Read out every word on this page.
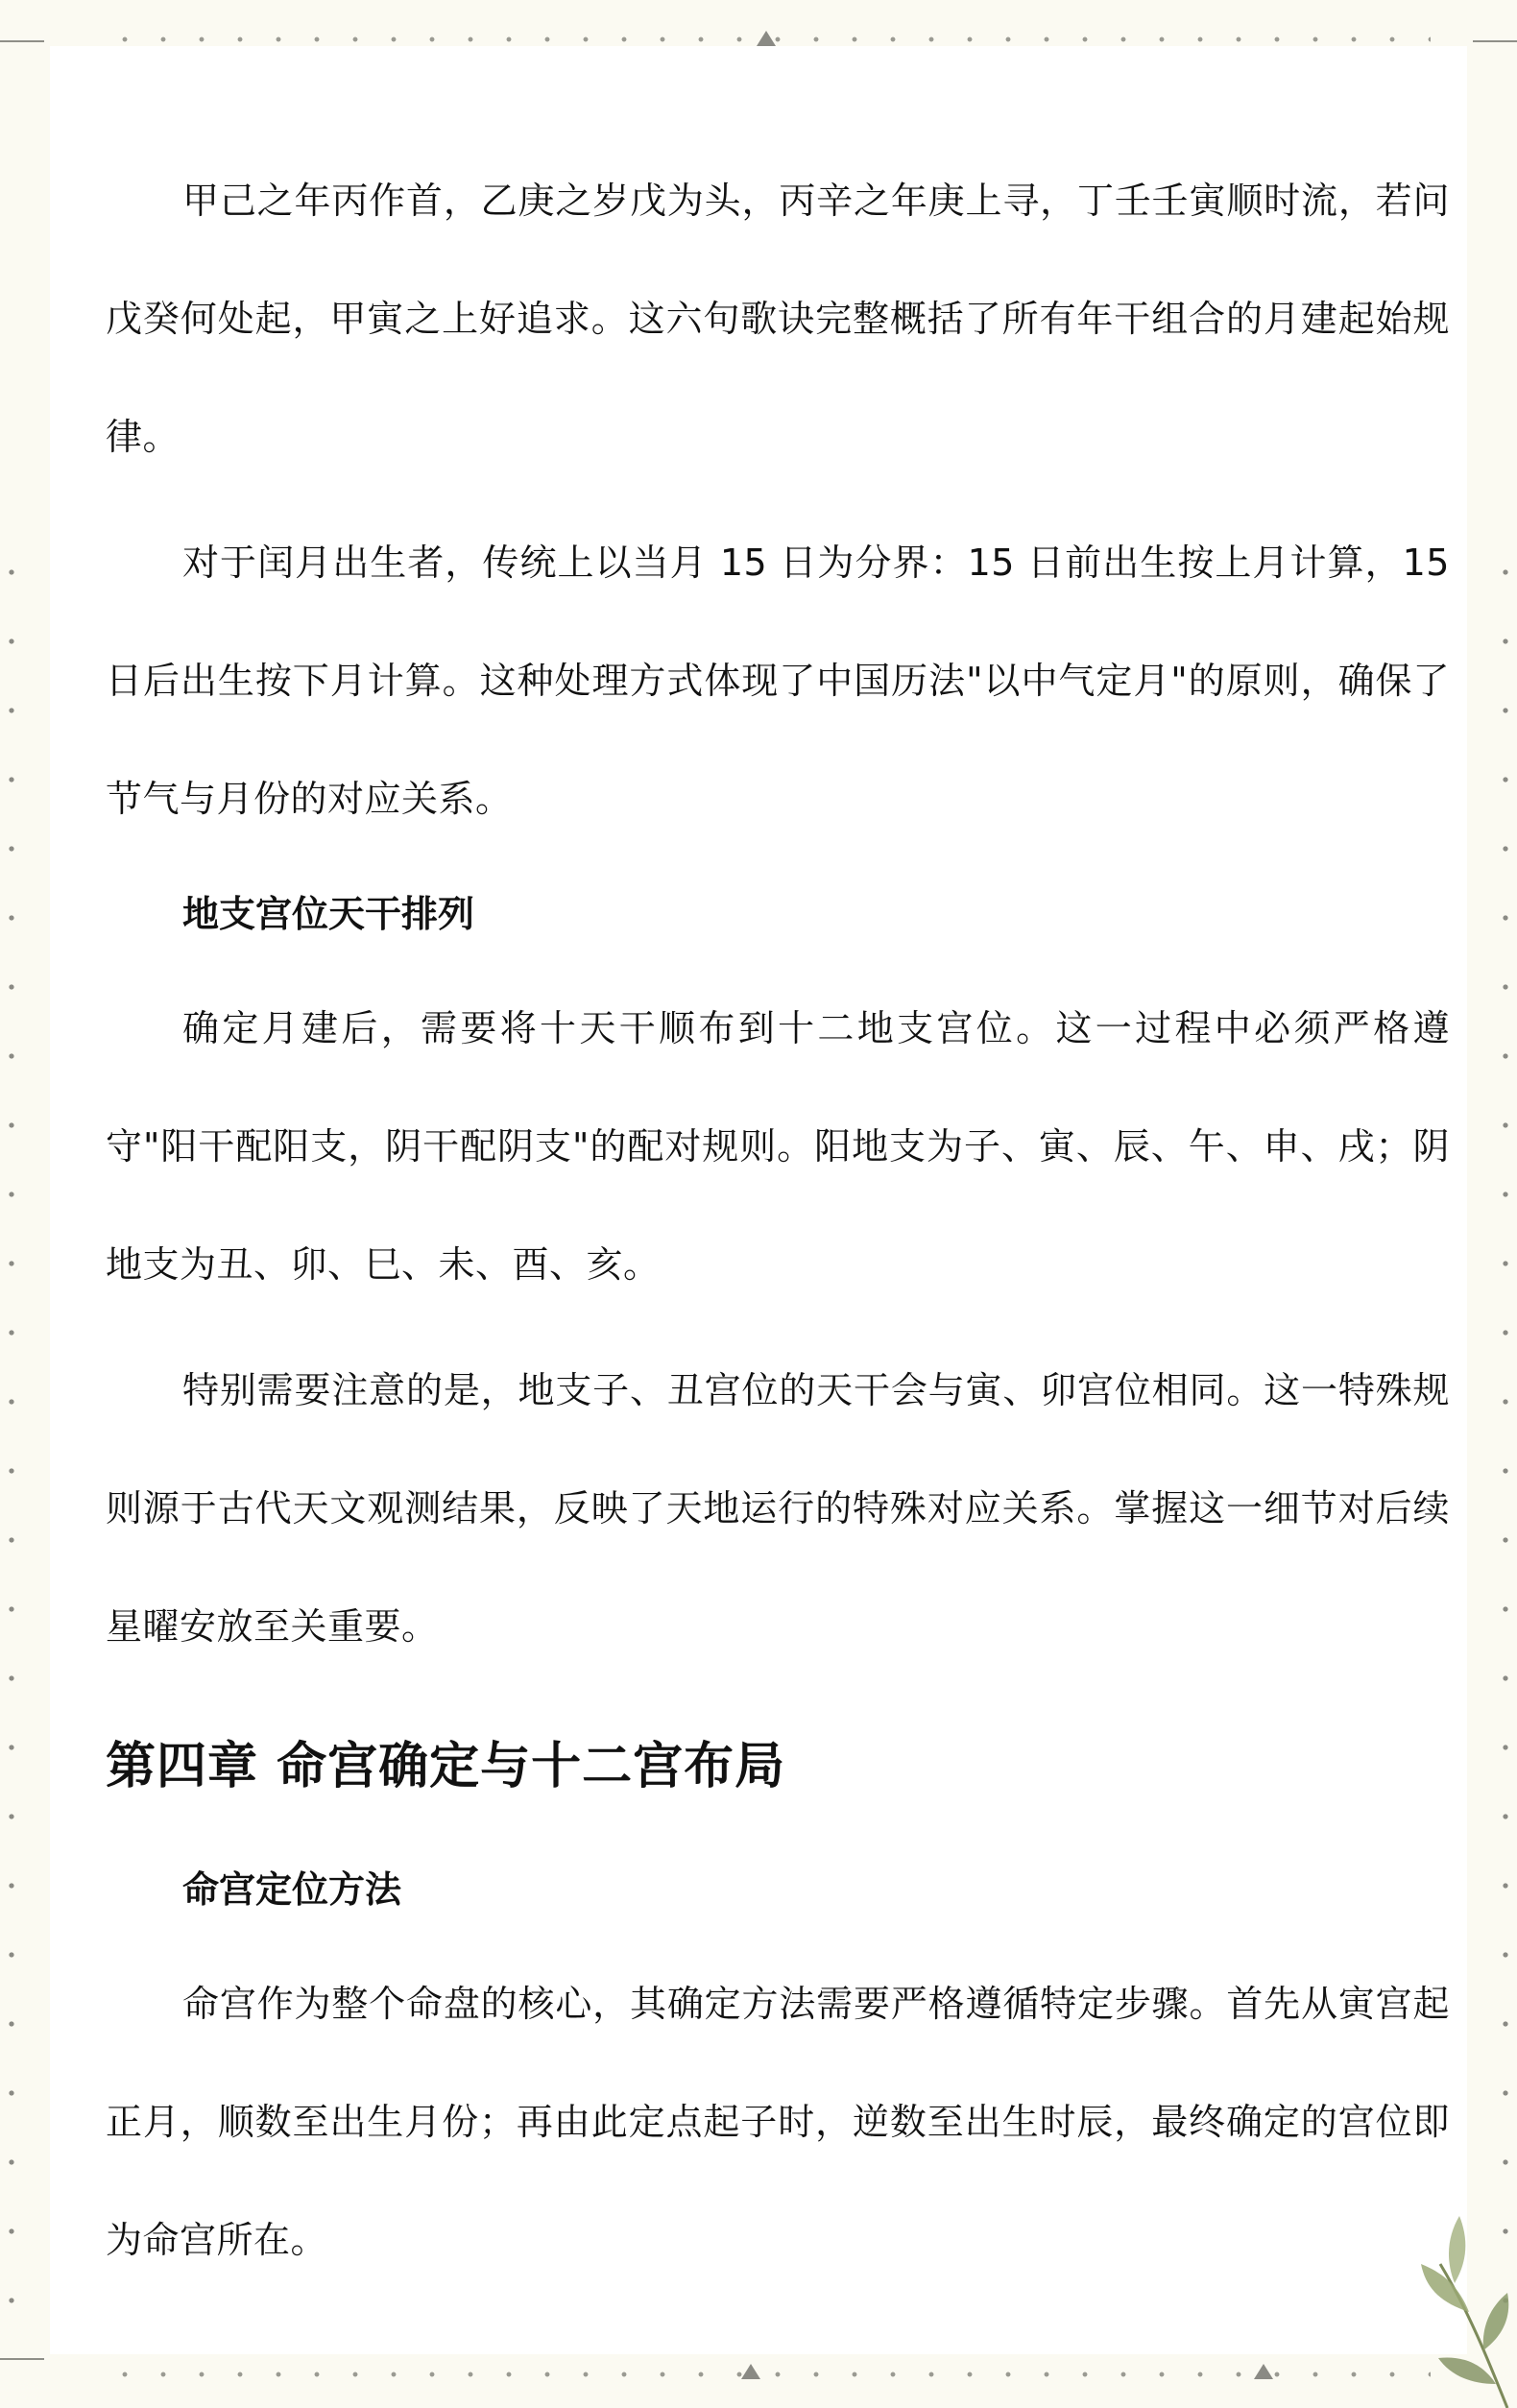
甲己之年丙作首，乙庚之岁戊为头，丙辛之年庚上寻，丁壬壬寅顺时流，若问戊癸何处起，甲寅之上好追求。这六句歌诀完整概括了所有年干组合的月建起始规律。

对于闰月出生者，传统上以当月 15 日为分界：15 日前出生按上月计算，15 日后出生按下月计算。这种处理方式体现了中国历法"以中气定月"的原则，确保了节气与月份的对应关系。

地支宫位天干排列

确定月建后，需要将十天干顺布到十二地支宫位。这一过程中必须严格遵守"阳干配阳支，阴干配阴支"的配对规则。阳地支为子、寅、辰、午、申、戌；阴地支为丑、卯、巳、未、酉、亥。

特别需要注意的是，地支子、丑宫位的天干会与寅、卯宫位相同。这一特殊规则源于古代天文观测结果，反映了天地运行的特殊对应关系。掌握这一细节对后续星曜安放至关重要。

第四章 命宫确定与十二宫布局
命宫定位方法

命宫作为整个命盘的核心，其确定方法需要严格遵循特定步骤。首先从寅宫起正月，顺数至出生月份；再由此定点起子时，逆数至出生时辰，最终确定的宫位即为命宫所在。
